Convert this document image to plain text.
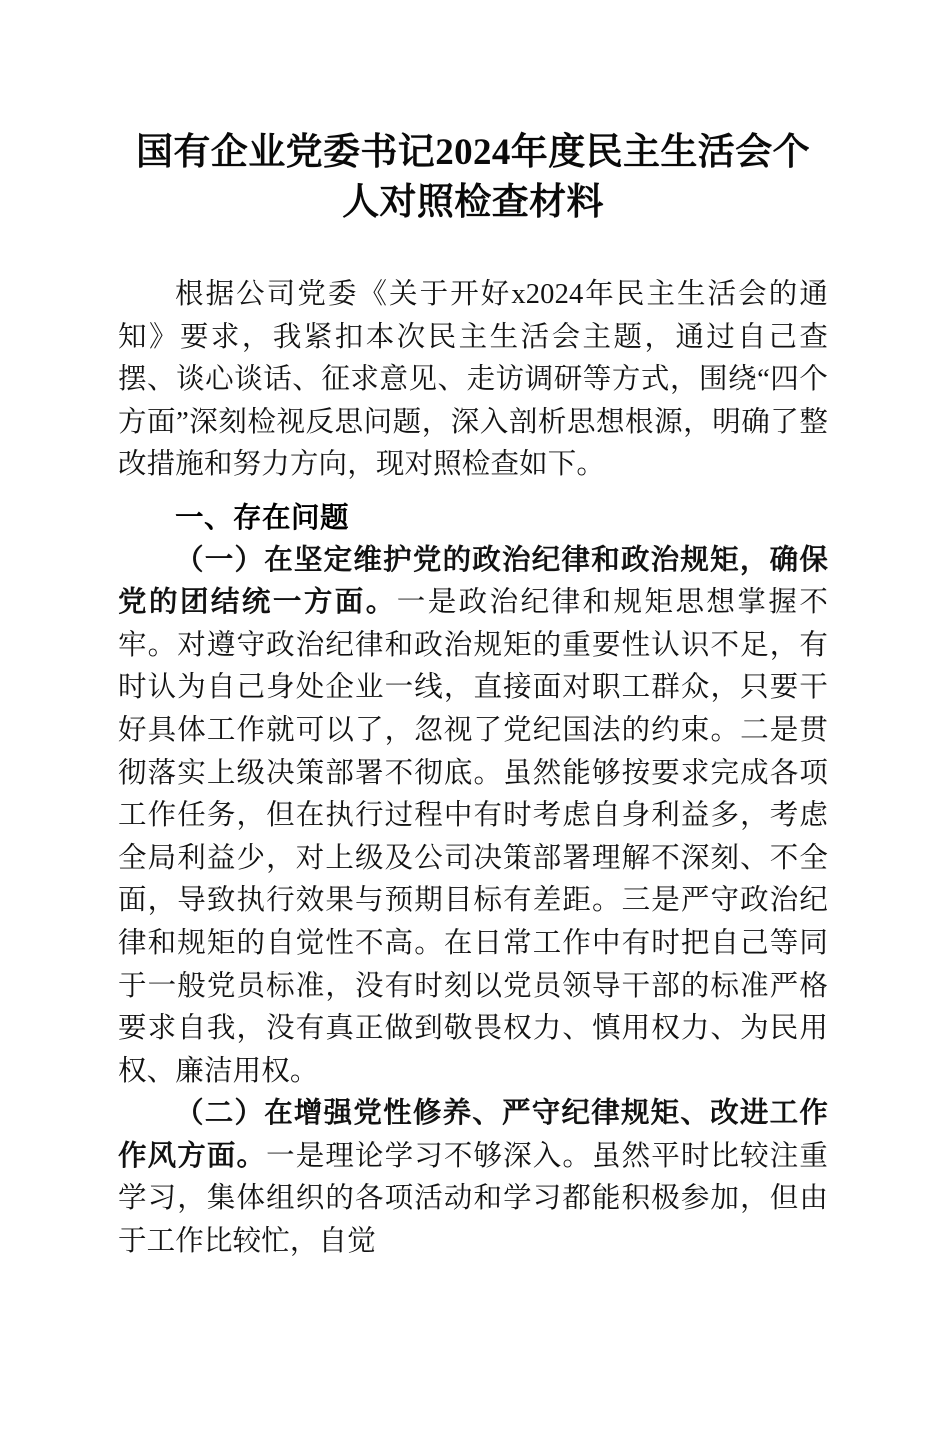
国有企业党委书记2024年度民主生活会个人对照检查材料

根据公司党委《关于开好x2024年民主生活会的通知》要求，我紧扣本次民主生活会主题，通过自己查摆、谈心谈话、征求意见、走访调研等方式，围绕“四个方面”深刻检视反思问题，深入剖析思想根源，明确了整改措施和努力方向，现对照检查如下。

一、存在问题

（一）在坚定维护党的政治纪律和政治规矩，确保党的团结统一方面。一是政治纪律和规矩思想掌握不牢。对遵守政治纪律和政治规矩的重要性认识不足，有时认为自己身处企业一线，直接面对职工群众，只要干好具体工作就可以了，忽视了党纪国法的约束。二是贯彻落实上级决策部署不彻底。虽然能够按要求完成各项工作任务，但在执行过程中有时考虑自身利益多，考虑全局利益少，对上级及公司决策部署理解不深刻、不全面，导致执行效果与预期目标有差距。三是严守政治纪律和规矩的自觉性不高。在日常工作中有时把自己等同于一般党员标准，没有时刻以党员领导干部的标准严格要求自我，没有真正做到敬畏权力、慎用权力、为民用权、廉洁用权。

（二）在增强党性修养、严守纪律规矩、改进工作作风方面。一是理论学习不够深入。虽然平时比较注重学习，集体组织的各项活动和学习都能积极参加，但由于工作比较忙，自觉
